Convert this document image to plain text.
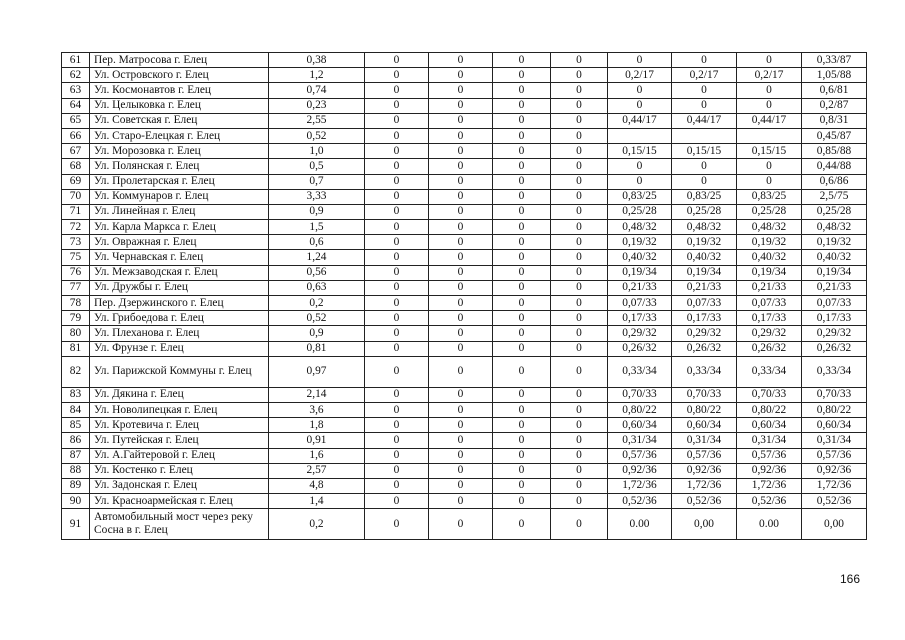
61	Пер. Матросова г. Елец	0,38	0	0	0	0	0	0	0	0,33/87
62	Ул. Островского г. Елец	1,2	0	0	0	0	0,2/17	0,2/17	0,2/17	1,05/88
63	Ул. Космонавтов г. Елец	0,74	0	0	0	0	0	0	0	0,6/81
64	Ул. Целыковка г. Елец	0,23	0	0	0	0	0	0	0	0,2/87
65	Ул. Советская г. Елец	2,55	0	0	0	0	0,44/17	0,44/17	0,44/17	0,8/31
66	Ул. Старо-Елецкая г. Елец	0,52	0	0	0	0				0,45/87
67	Ул. Морозовка г. Елец	1,0	0	0	0	0	0,15/15	0,15/15	0,15/15	0,85/88
68	Ул. Полянская г. Елец	0,5	0	0	0	0	0	0	0	0,44/88
69	Ул. Пролетарская г. Елец	0,7	0	0	0	0	0	0	0	0,6/86
70	Ул. Коммунаров г. Елец	3,33	0	0	0	0	0,83/25	0,83/25	0,83/25	2,5/75
71	Ул. Линейная г. Елец	0,9	0	0	0	0	0,25/28	0,25/28	0,25/28	0,25/28
72	Ул. Карла Маркса г. Елец	1,5	0	0	0	0	0,48/32	0,48/32	0,48/32	0,48/32
73	Ул. Овражная г. Елец	0,6	0	0	0	0	0,19/32	0,19/32	0,19/32	0,19/32
75	Ул. Чернавская г. Елец	1,24	0	0	0	0	0,40/32	0,40/32	0,40/32	0,40/32
76	Ул. Межзаводская г. Елец	0,56	0	0	0	0	0,19/34	0,19/34	0,19/34	0,19/34
77	Ул. Дружбы г. Елец	0,63	0	0	0	0	0,21/33	0,21/33	0,21/33	0,21/33
78	Пер. Дзержинского г. Елец	0,2	0	0	0	0	0,07/33	0,07/33	0,07/33	0,07/33
79	Ул. Грибоедова г. Елец	0,52	0	0	0	0	0,17/33	0,17/33	0,17/33	0,17/33
80	Ул. Плеханова г. Елец	0,9	0	0	0	0	0,29/32	0,29/32	0,29/32	0,29/32
81	Ул. Фрунзе г. Елец	0,81	0	0	0	0	0,26/32	0,26/32	0,26/32	0,26/32
82	Ул. Парижской Коммуны г. Елец	0,97	0	0	0	0	0,33/34	0,33/34	0,33/34	0,33/34
83	Ул. Дякина г. Елец	2,14	0	0	0	0	0,70/33	0,70/33	0,70/33	0,70/33
84	Ул. Новолипецкая г. Елец	3,6	0	0	0	0	0,80/22	0,80/22	0,80/22	0,80/22
85	Ул. Кротевича г. Елец	1,8	0	0	0	0	0,60/34	0,60/34	0,60/34	0,60/34
86	Ул. Путейская г. Елец	0,91	0	0	0	0	0,31/34	0,31/34	0,31/34	0,31/34
87	Ул. А.Гайтеровой г. Елец	1,6	0	0	0	0	0,57/36	0,57/36	0,57/36	0,57/36
88	Ул. Костенко г. Елец	2,57	0	0	0	0	0,92/36	0,92/36	0,92/36	0,92/36
89	Ул. Задонская г. Елец	4,8	0	0	0	0	1,72/36	1,72/36	1,72/36	1,72/36
90	Ул. Красноармейская г. Елец	1,4	0	0	0	0	0,52/36	0,52/36	0,52/36	0,52/36
91	Автомобильный мост через реку Сосна в г. Елец	0,2	0	0	0	0	0.00	0,00	0.00	0,00
166
